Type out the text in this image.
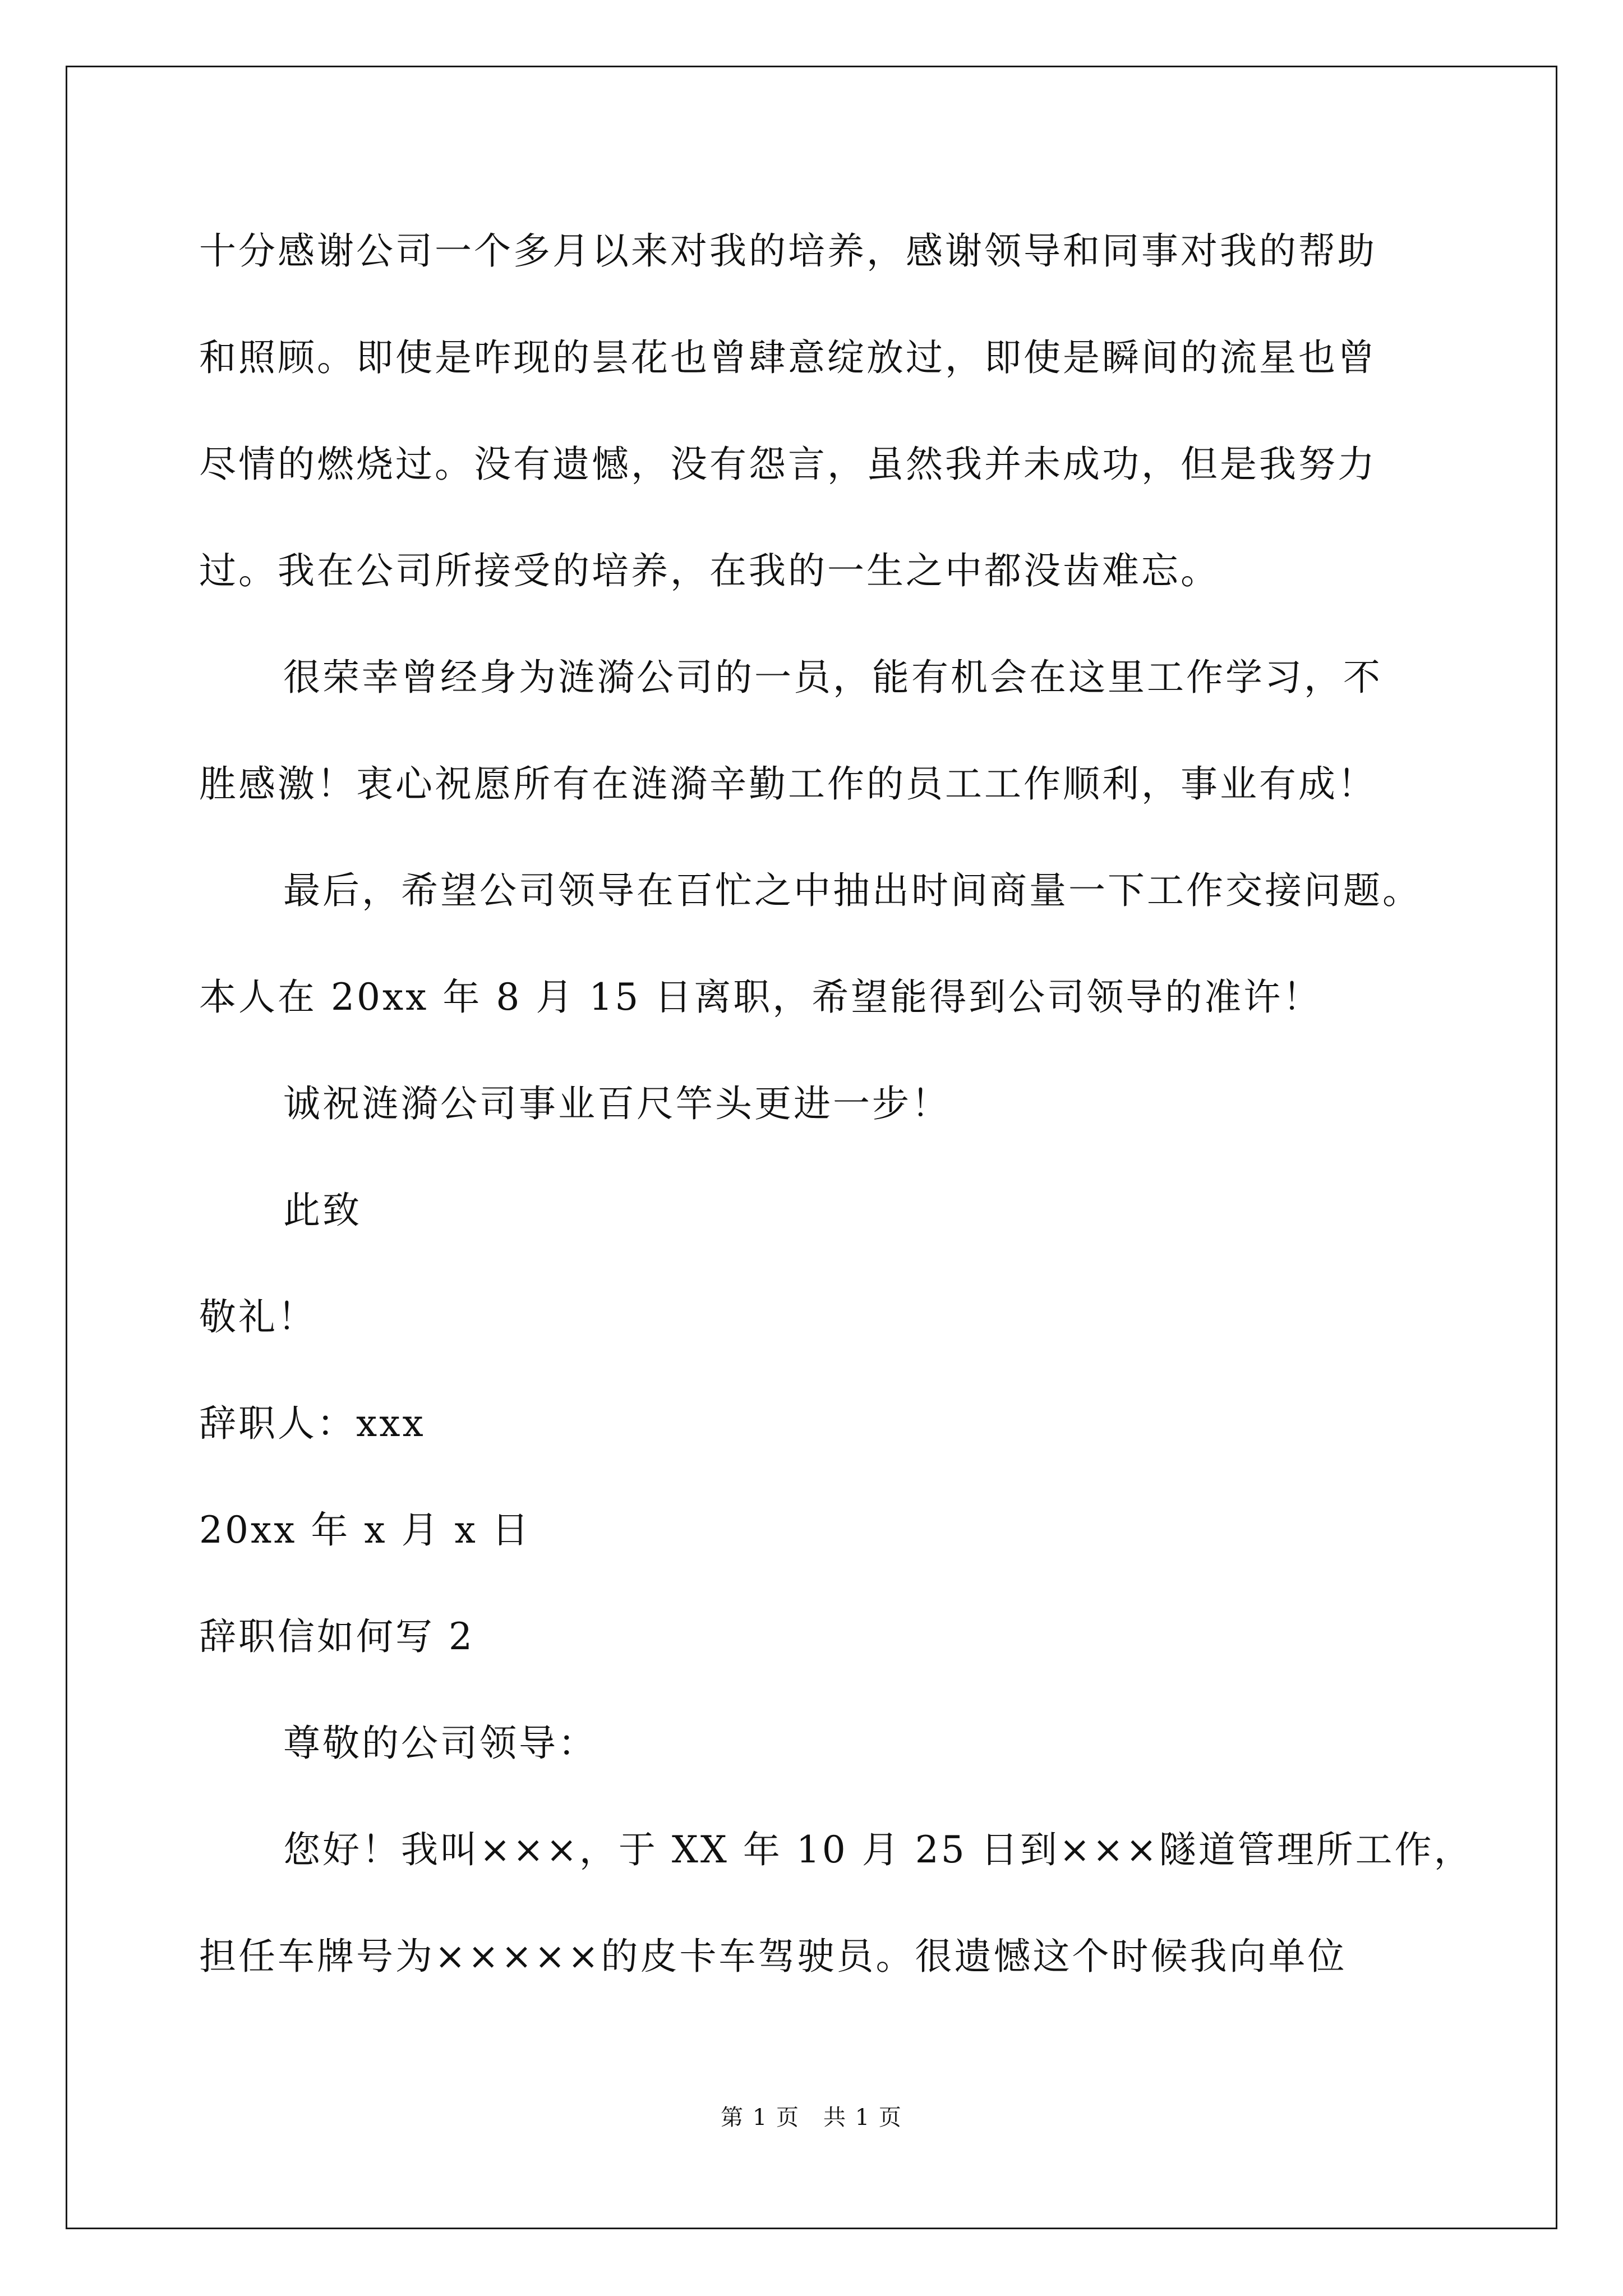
十分感谢公司一个多月以来对我的培养，感谢领导和同事对我的帮助
和照顾。即使是咋现的昙花也曾肆意绽放过，即使是瞬间的流星也曾
尽情的燃烧过。没有遗憾，没有怨言，虽然我并未成功，但是我努力
过。我在公司所接受的培养，在我的一生之中都没齿难忘。
很荣幸曾经身为涟漪公司的一员，能有机会在这里工作学习，不
胜感激！衷心祝愿所有在涟漪辛勤工作的员工工作顺利，事业有成！
最后，希望公司领导在百忙之中抽出时间商量一下工作交接问题。
本人在 20xx 年 8 月 15 日离职，希望能得到公司领导的准许！
诚祝涟漪公司事业百尺竿头更进一步！
此致
敬礼！
辞职人：xxx
20xx 年 x 月 x 日
辞职信如何写 2
尊敬的公司领导：
您好！我叫×××，于 XX 年 10 月 25 日到×××隧道管理所工作，
担任车牌号为×××××的皮卡车驾驶员。很遗憾这个时候我向单位
第 1 页　共 1 页
